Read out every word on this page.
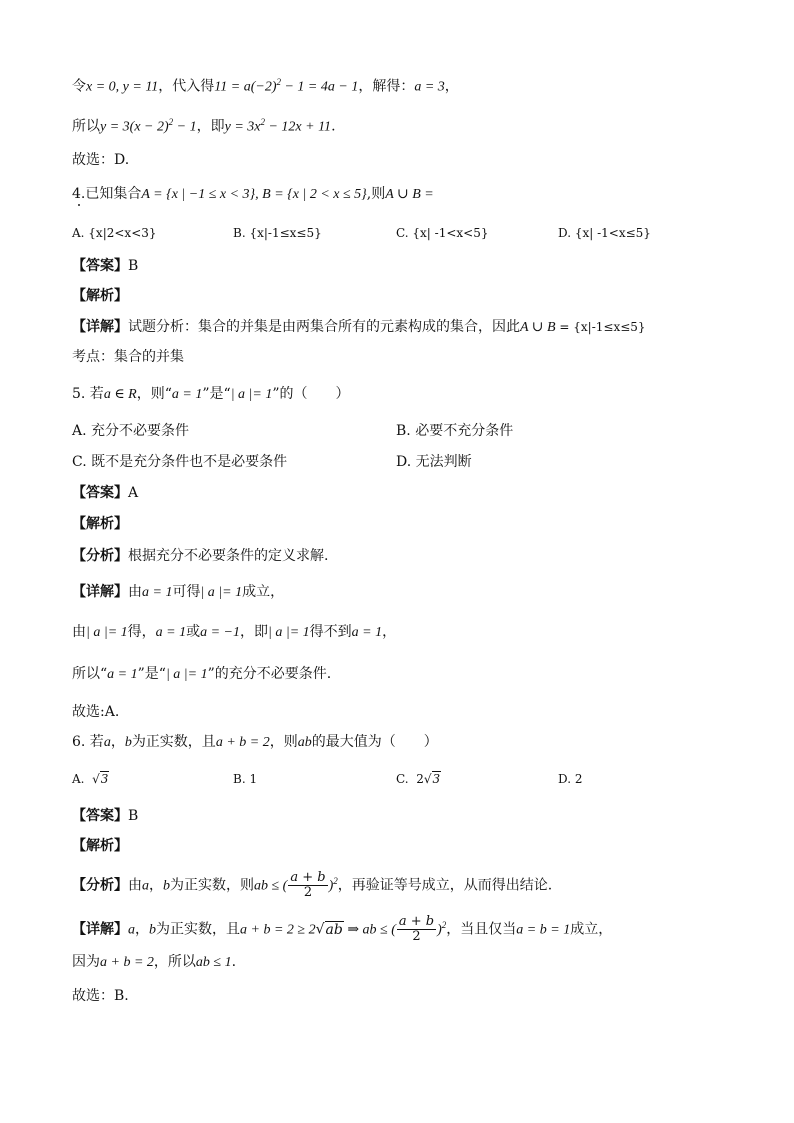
令x = 0, y = 11，代入得$11 = a(-2)^2 - 1 = 4a - 1$，解得：a = 3，
所以$y = 3(x - 2)^2 - 1$，即$y = 3x^2 - 12x + 11$.
故选：D.
4.已知集合A = {x | −1 ≤ x < 3}, B = {x | 2 < x ≤ 5},则A ∪ B =
A. {x|2<x<3}	B. {x|-1≤x≤5}	C. {x| -1<x<5}	D. {x| -1<x≤5}
【答案】B
【解析】
【详解】试题分析：集合的并集是由两集合所有的元素构成的集合，因此A ∪ B = {x|-1≤x≤5}
考点：集合的并集
5. 若a ∈ R，则“a = 1”是“| a |= 1”的（　　）
A. 充分不必要条件	B. 必要不充分条件
C. 既不是充分条件也不是必要条件	D. 无法判断
【答案】A
【解析】
【分析】根据充分不必要条件的定义求解.
【详解】由a = 1可得| a |= 1成立，
由| a |= 1得，a = 1或a = −1，即| a |= 1得不到a = 1，
所以“a = 1”是“| a |= 1”的充分不必要条件.
故选:A.
6. 若a，b为正实数，且a + b = 2，则ab的最大值为（　　）
A.  √3	B. 1	C. 2√3	D. 2
【答案】B
【解析】
【分析】由a，b为正实数，则ab ≤ ( $\frac{a + b}{2} )^2$，再验证等号成立，从而得出结论.
【详解】a，b为正实数，且a + b = 2 ≥ 2√ab ⇒ ab ≤ ( $\frac{a + b}{2} )^2$，当且仅当a = b = 1成立，
因为a + b = 2，所以ab ≤ 1.
故选：B.
